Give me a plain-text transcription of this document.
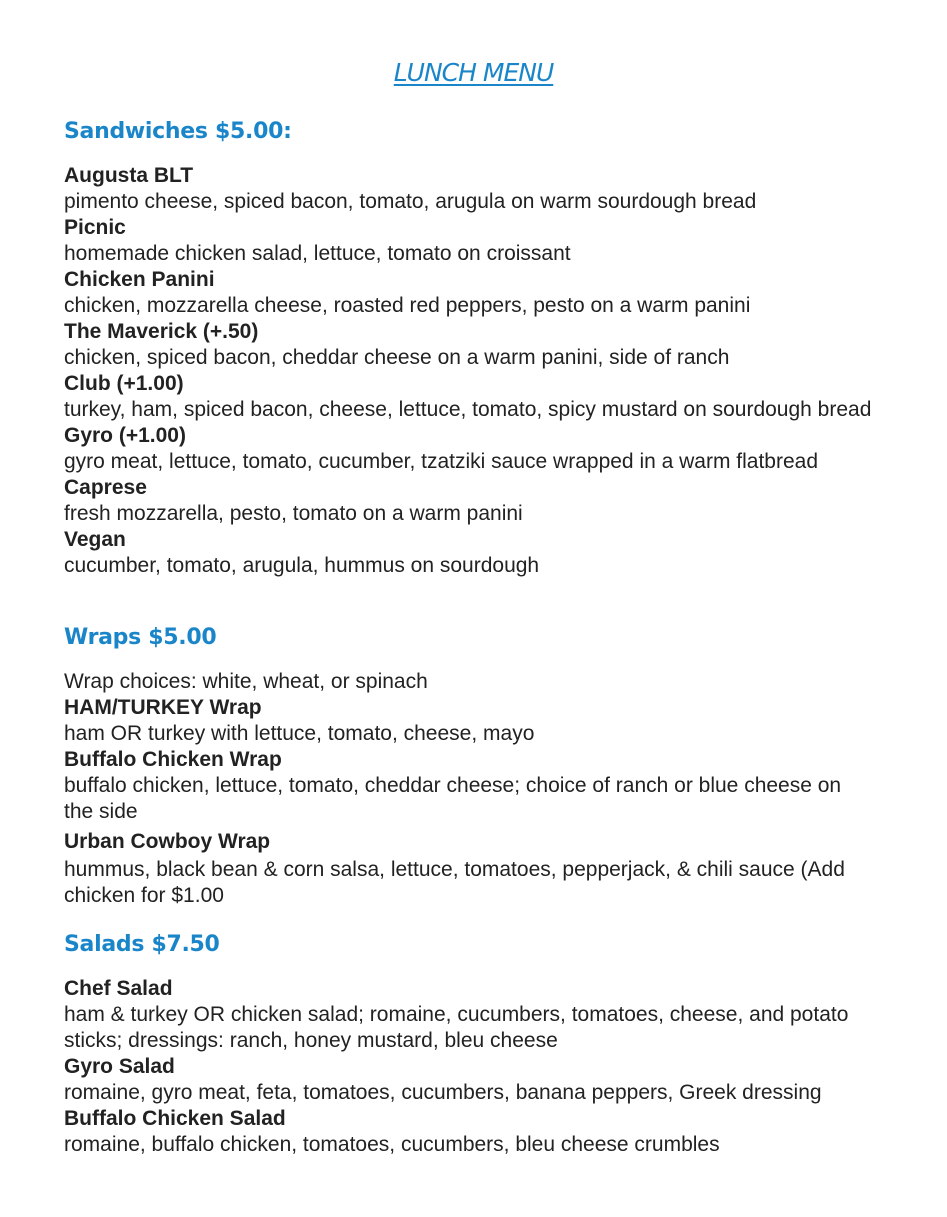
LUNCH MENU
Sandwiches $5.00:
Augusta BLT
pimento cheese, spiced bacon, tomato, arugula on warm sourdough bread
Picnic
homemade chicken salad, lettuce, tomato on croissant
Chicken Panini
chicken, mozzarella cheese, roasted red peppers, pesto on a warm panini
The Maverick (+.50)
chicken, spiced bacon, cheddar cheese on a warm panini, side of ranch
Club (+1.00)
turkey, ham, spiced bacon, cheese, lettuce, tomato, spicy mustard on sourdough bread
Gyro (+1.00)
gyro meat, lettuce, tomato, cucumber, tzatziki sauce wrapped in a warm flatbread
Caprese
fresh mozzarella, pesto, tomato on a warm panini
Vegan
cucumber, tomato, arugula, hummus on sourdough
Wraps $5.00
Wrap choices: white, wheat, or spinach
HAM/TURKEY Wrap
ham OR turkey with lettuce, tomato, cheese, mayo
Buffalo Chicken Wrap
buffalo chicken, lettuce, tomato, cheddar cheese; choice of ranch or blue cheese on the side
Urban Cowboy Wrap
hummus, black bean & corn salsa, lettuce, tomatoes, pepperjack, & chili sauce (Add chicken for $1.00
Salads $7.50
Chef Salad
ham & turkey OR chicken salad; romaine, cucumbers, tomatoes, cheese, and potato sticks; dressings: ranch, honey mustard, bleu cheese
Gyro Salad
romaine, gyro meat, feta, tomatoes, cucumbers, banana peppers, Greek dressing
Buffalo Chicken Salad
romaine, buffalo chicken, tomatoes, cucumbers, bleu cheese crumbles
